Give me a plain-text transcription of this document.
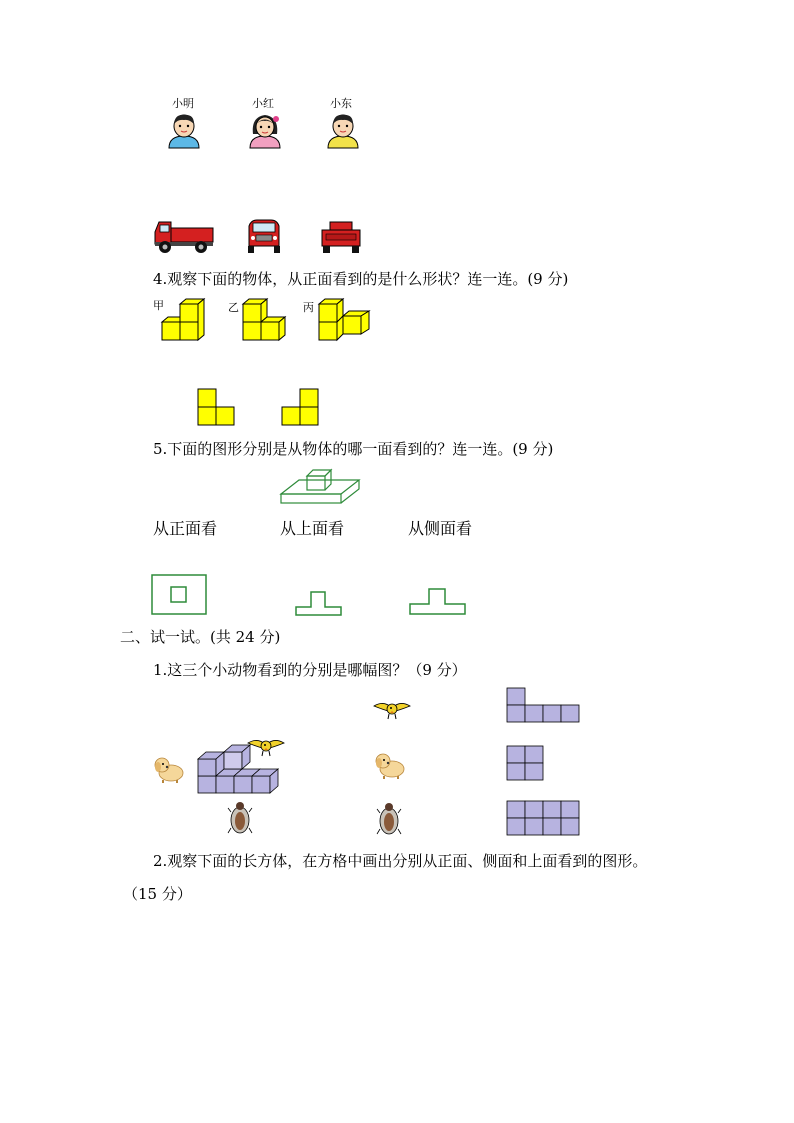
小明	小红	小东
4.观察下面的物体，从正面看到的是什么形状？连一连。(9 分)
甲	乙	丙
5.下面的图形分别是从物体的哪一面看到的？连一连。(9 分)
从正面看	从上面看	从侧面看
二、试一试。(共 24 分)
1.这三个小动物看到的分别是哪幅图？（9 分）
2.观察下面的长方体，在方格中画出分别从正面、侧面和上面看到的图形。
（15 分）
